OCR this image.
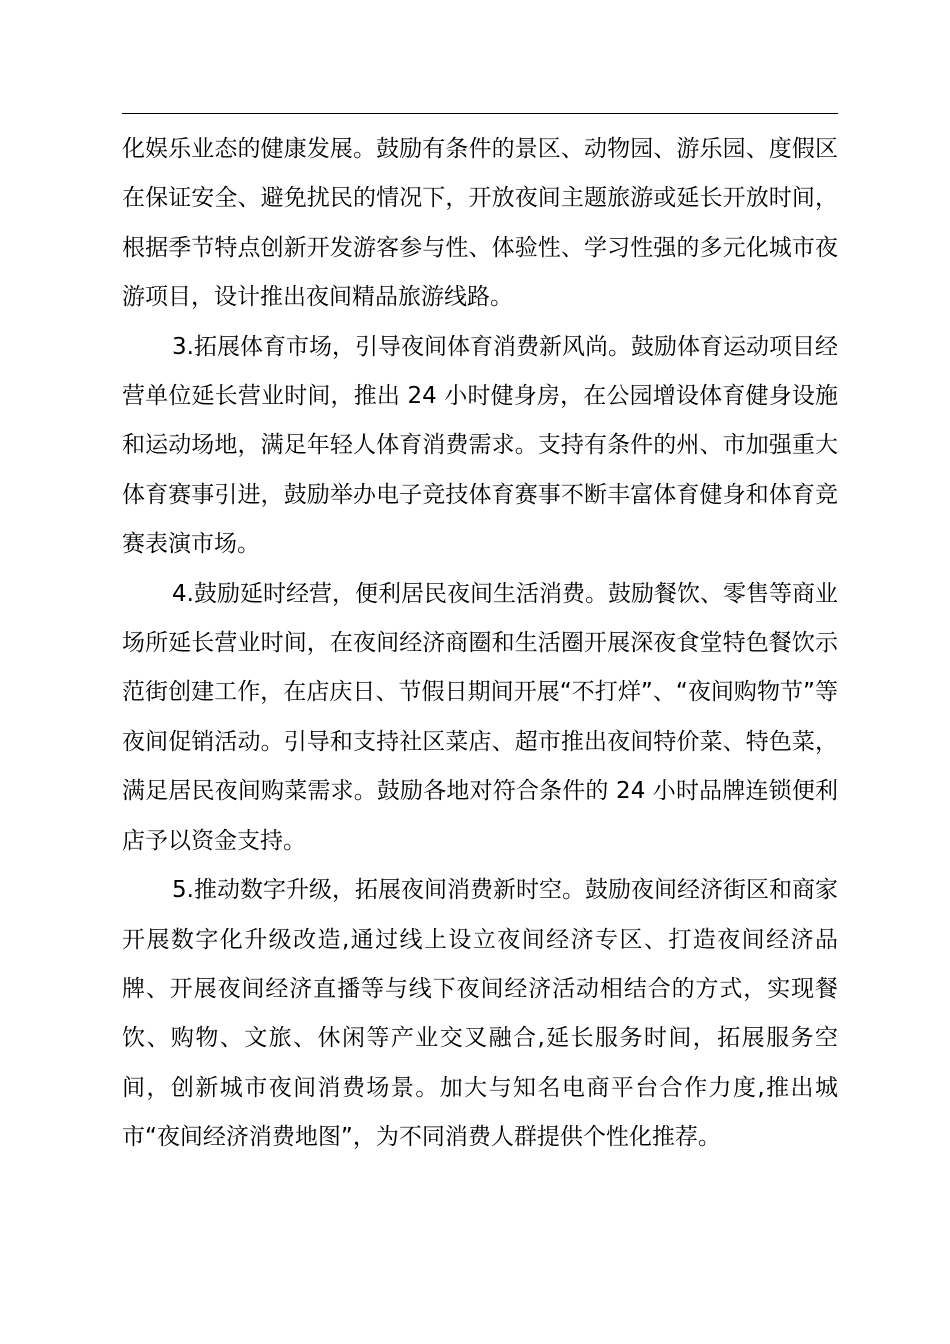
化娱乐业态的健康发展。鼓励有条件的景区、动物园、游乐园、度假区在保证安全、避免扰民的情况下，开放夜间主题旅游或延长开放时间，根据季节特点创新开发游客参与性、体验性、学习性强的多元化城市夜游项目，设计推出夜间精品旅游线路。

3.拓展体育市场，引导夜间体育消费新风尚。鼓励体育运动项目经营单位延长营业时间，推出 24 小时健身房，在公园增设体育健身设施和运动场地，满足年轻人体育消费需求。支持有条件的州、市加强重大体育赛事引进，鼓励举办电子竞技体育赛事不断丰富体育健身和体育竞赛表演市场。

4.鼓励延时经营，便利居民夜间生活消费。鼓励餐饮、零售等商业场所延长营业时间，在夜间经济商圈和生活圈开展深夜食堂特色餐饮示范街创建工作，在店庆日、节假日期间开展“不打烊”、“夜间购物节”等夜间促销活动。引导和支持社区菜店、超市推出夜间特价菜、特色菜，满足居民夜间购菜需求。鼓励各地对符合条件的 24 小时品牌连锁便利店予以资金支持。

5.推动数字升级，拓展夜间消费新时空。鼓励夜间经济街区和商家开展数字化升级改造,通过线上设立夜间经济专区、打造夜间经济品牌、开展夜间经济直播等与线下夜间经济活动相结合的方式，实现餐饮、购物、文旅、休闲等产业交叉融合,延长服务时间，拓展服务空间，创新城市夜间消费场景。加大与知名电商平台合作力度,推出城市“夜间经济消费地图”，为不同消费人群提供个性化推荐。
